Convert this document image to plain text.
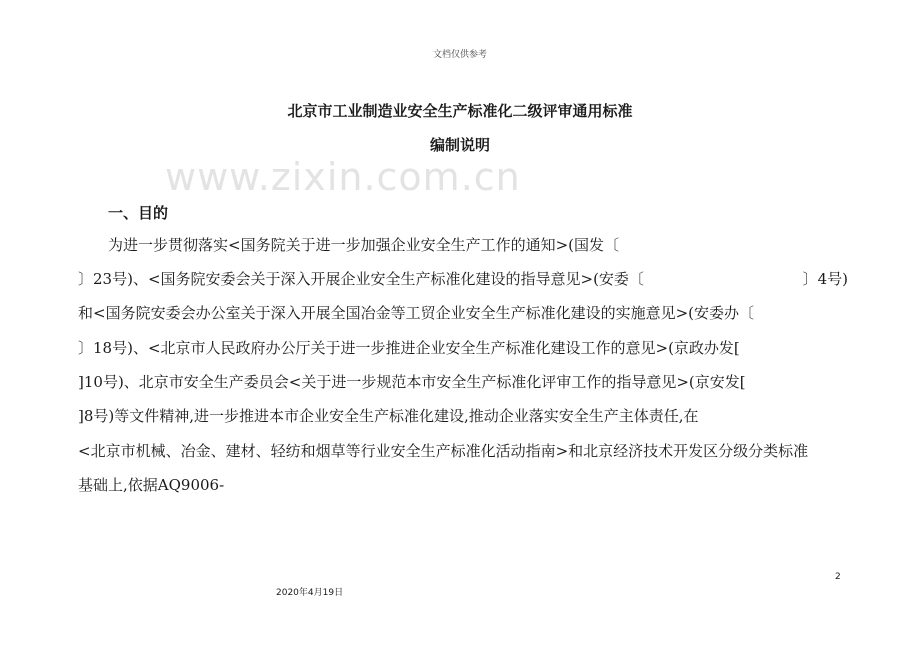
文档仅供参考
www.zixin.com.cn
北京市工业制造业安全生产标准化二级评审通用标准
编制说明
一、目的
为进一步贯彻落实<国务院关于进一步加强企业安全生产工作的通知>(国发〔
〕23号)、<国务院安委会关于深入开展企业安全生产标准化建设的指导意见>(安委〔	〕4号)
和<国务院安委会办公室关于深入开展全国冶金等工贸企业安全生产标准化建设的实施意见>(安委办〔
〕18号)、<北京市人民政府办公厅关于进一步推进企业安全生产标准化建设工作的意见>(京政办发[
]10号)、北京市安全生产委员会<关于进一步规范本市安全生产标准化评审工作的指导意见>(京安发[
]8号)等文件精神,进一步推进本市企业安全生产标准化建设,推动企业落实安全生产主体责任,在
<北京市机械、冶金、建材、轻纺和烟草等行业安全生产标准化活动指南>和北京经济技术开发区分级分类标准
基础上,依据AQ9006-
2
2020年4月19日
